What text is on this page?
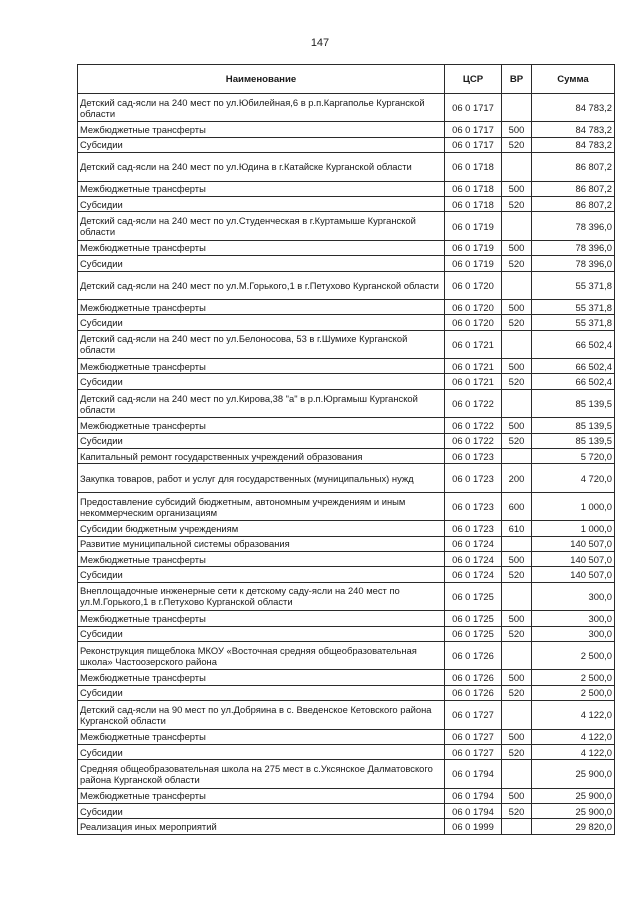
147
Наименование	ЦСР	ВР	Сумма
Детский сад-ясли на 240 мест по ул.Юбилейная,6 в р.п.Каргаполье Курганской области	06 0 1717		84 783,2
Межбюджетные трансферты	06 0 1717	500	84 783,2
Субсидии	06 0 1717	520	84 783,2
Детский сад-ясли на 240 мест по ул.Юдина в г.Катайске Курганской области	06 0 1718		86 807,2
Межбюджетные трансферты	06 0 1718	500	86 807,2
Субсидии	06 0 1718	520	86 807,2
Детский сад-ясли на 240 мест по ул.Студенческая в г.Куртамыше Курганской области	06 0 1719		78 396,0
Межбюджетные трансферты	06 0 1719	500	78 396,0
Субсидии	06 0 1719	520	78 396,0
Детский сад-ясли на 240 мест по ул.М.Горького,1 в г.Петухово Курганской области	06 0 1720		55 371,8
Межбюджетные трансферты	06 0 1720	500	55 371,8
Субсидии	06 0 1720	520	55 371,8
Детский сад-ясли на 240 мест по ул.Белоносова, 53 в г.Шумихе Курганской области	06 0 1721		66 502,4
Межбюджетные трансферты	06 0 1721	500	66 502,4
Субсидии	06 0 1721	520	66 502,4
Детский сад-ясли на 240 мест по ул.Кирова,38 "а" в р.п.Юргамыш Курганской области	06 0 1722		85 139,5
Межбюджетные трансферты	06 0 1722	500	85 139,5
Субсидии	06 0 1722	520	85 139,5
Капитальный ремонт государственных учреждений образования	06 0 1723		5 720,0
Закупка товаров, работ и услуг для государственных (муниципальных) нужд	06 0 1723	200	4 720,0
Предоставление субсидий бюджетным, автономным учреждениям и иным некоммерческим организациям	06 0 1723	600	1 000,0
Субсидии бюджетным учреждениям	06 0 1723	610	1 000,0
Развитие муниципальной системы образования	06 0 1724		140 507,0
Межбюджетные трансферты	06 0 1724	500	140 507,0
Субсидии	06 0 1724	520	140 507,0
Внеплощадочные инженерные сети к детскому саду-ясли на 240 мест по ул.М.Горького,1 в г.Петухово Курганской области	06 0 1725		300,0
Межбюджетные трансферты	06 0 1725	500	300,0
Субсидии	06 0 1725	520	300,0
Реконструкция пищеблока МКОУ «Восточная средняя общеобразовательная школа» Частоозерского района	06 0 1726		2 500,0
Межбюджетные трансферты	06 0 1726	500	2 500,0
Субсидии	06 0 1726	520	2 500,0
Детский сад-ясли на 90 мест по ул.Добряина в с. Введенское Кетовского района Курганской области	06 0 1727		4 122,0
Межбюджетные трансферты	06 0 1727	500	4 122,0
Субсидии	06 0 1727	520	4 122,0
Средняя общеобразовательная школа на 275 мест в с.Уксянское Далматовского района Курганской области	06 0 1794		25 900,0
Межбюджетные трансферты	06 0 1794	500	25 900,0
Субсидии	06 0 1794	520	25 900,0
Реализация иных мероприятий	06 0 1999		29 820,0
